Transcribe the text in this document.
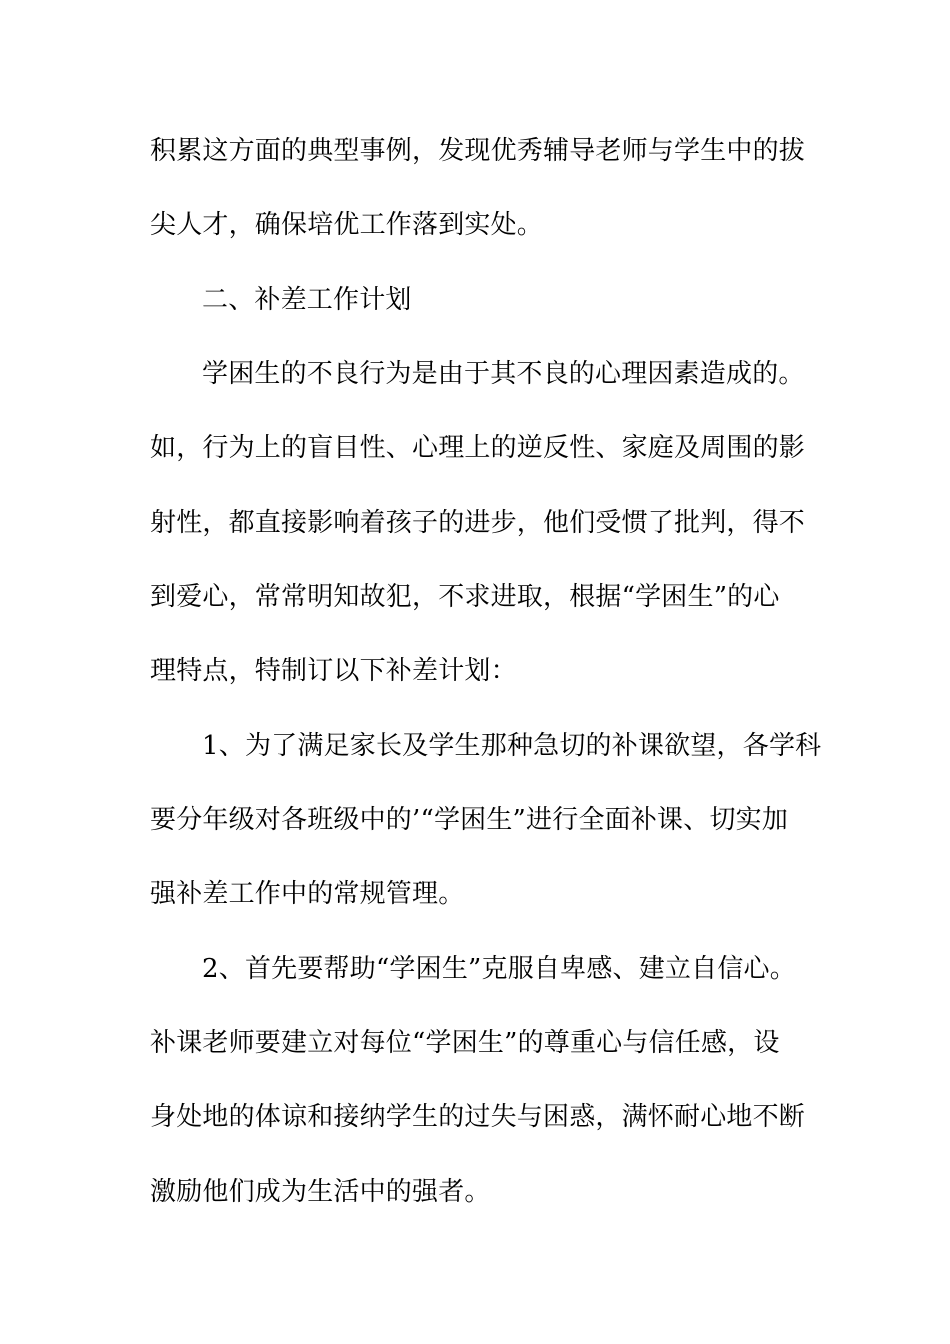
积累这方面的典型事例，发现优秀辅导老师与学生中的拔
尖人才，确保培优工作落到实处。
二、补差工作计划
学困生的不良行为是由于其不良的心理因素造成的。
如，行为上的盲目性、心理上的逆反性、家庭及周围的影
射性，都直接影响着孩子的进步，他们受惯了批判，得不
到爱心，常常明知故犯，不求进取，根据“学困生”的心
理特点，特制订以下补差计划：
1、为了满足家长及学生那种急切的补课欲望，各学科
要分年级对各班级中的’“学困生”进行全面补课、切实加
强补差工作中的常规管理。
2、首先要帮助“学困生”克服自卑感、建立自信心。
补课老师要建立对每位“学困生”的尊重心与信任感，设
身处地的体谅和接纳学生的过失与困惑，满怀耐心地不断
激励他们成为生活中的强者。
